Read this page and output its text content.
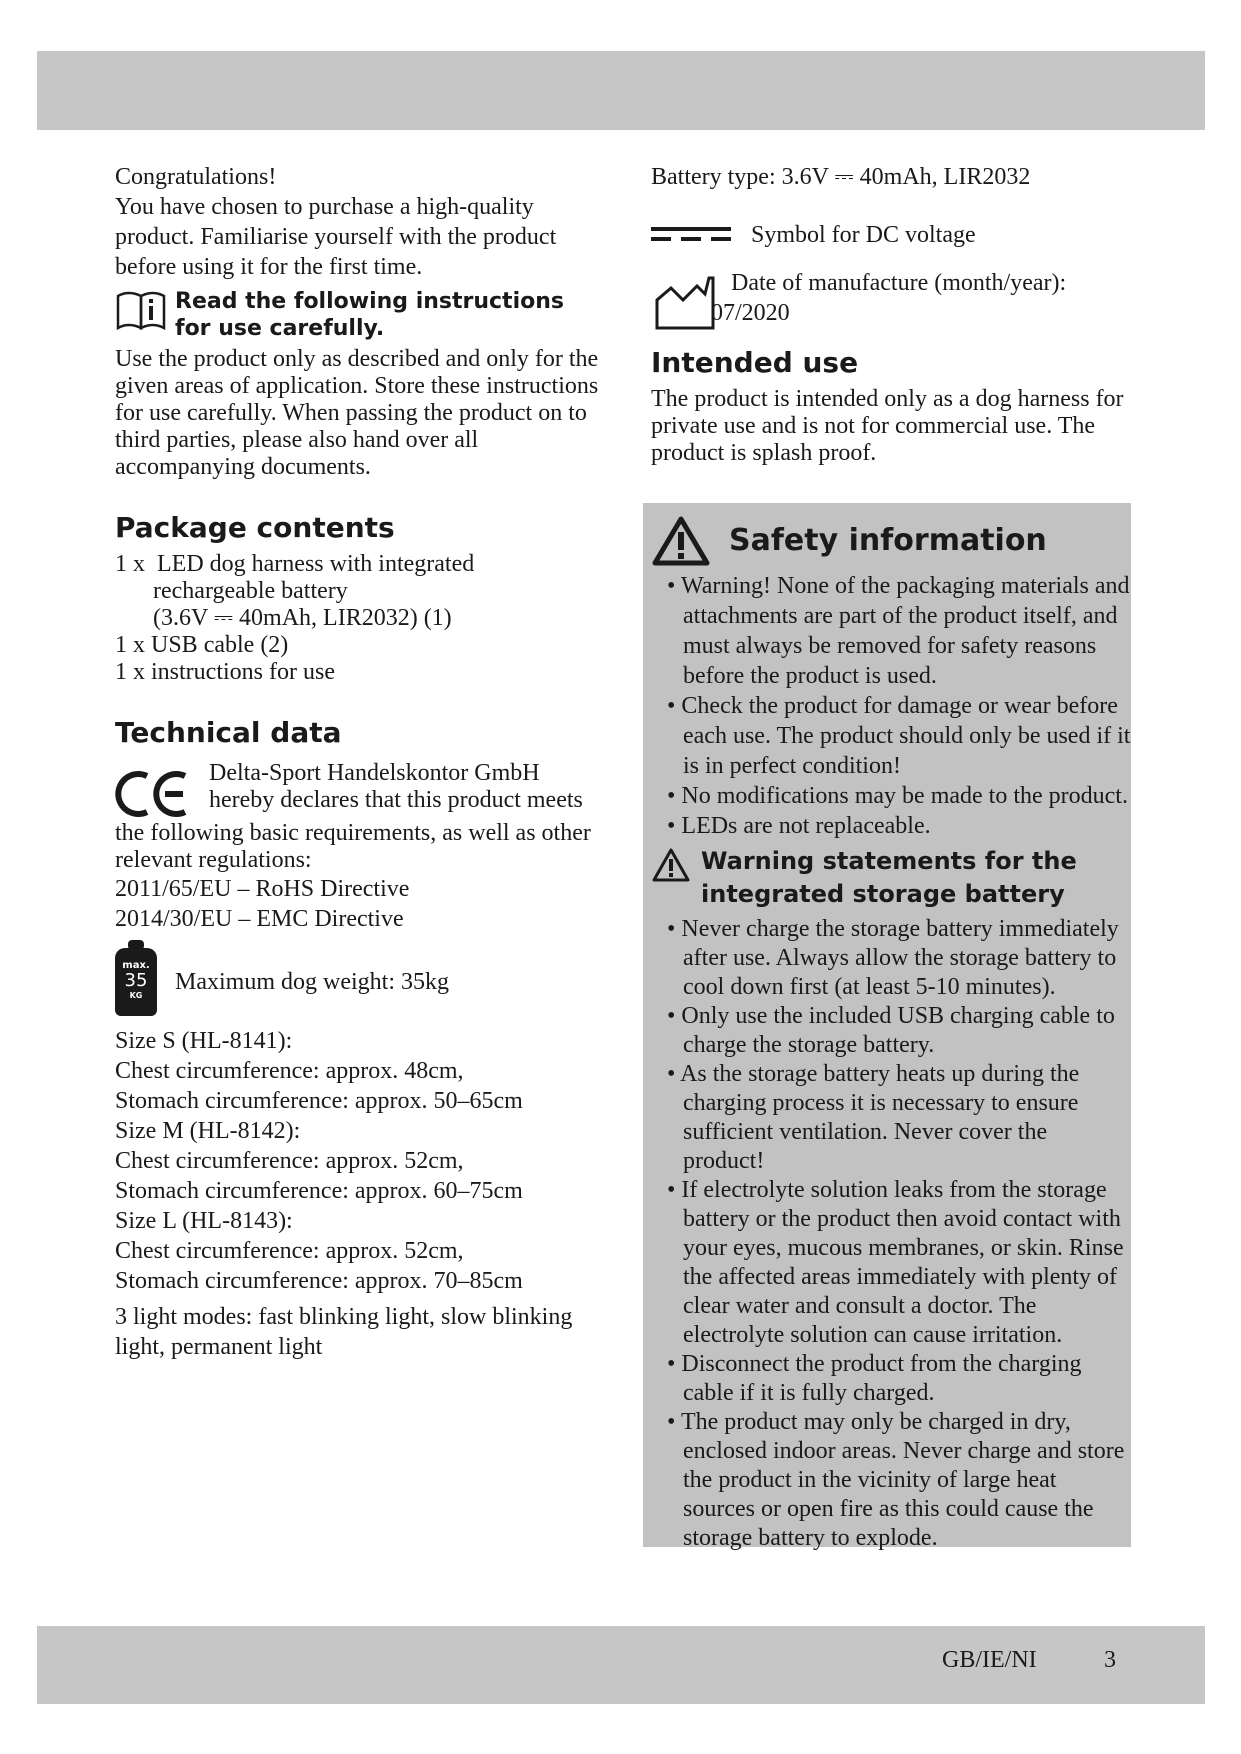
Congratulations!

You have chosen to purchase a high-quality product. Familiarise yourself with the product before using it for the first time.

Read the following instructions for use carefully.

Use the product only as described and only for the given areas of application. Store these instructions for use carefully. When passing the product on to third parties, please also hand over all accompanying documents.

Package contents

1 x LED dog harness with integrated

rechargeable battery

(3.6V ⎓ 40mAh, LIR2032) (1)

1 x USB cable (2)

1 x instructions for use

Technical data

Delta-Sport Handelskontor GmbH hereby declares that this product meets

the following basic requirements, as well as other relevant regulations:

2011/65/EU – RoHS Directive

2014/30/EU – EMC Directive

max.
35
KG

Maximum dog weight: 35kg

Size S (HL-8141):

Chest circumference: approx. 48cm,

Stomach circumference: approx. 50–65cm

Size M (HL-8142):

Chest circumference: approx. 52cm,

Stomach circumference: approx. 60–75cm

Size L (HL-8143):

Chest circumference: approx. 52cm,

Stomach circumference: approx. 70–85cm

3 light modes: fast blinking light, slow blinking light, permanent light

Battery type: 3.6V ⎓ 40mAh, LIR2032

Symbol for DC voltage

Date of manufacture (month/year):

07/2020

Intended use

The product is intended only as a dog harness for private use and is not for commercial use. The product is splash proof.

Safety information

• Warning! None of the packaging materials and attachments are part of the product itself, and must always be removed for safety reasons before the product is used.

• Check the product for damage or wear before each use. The product should only be used if it is in perfect condition!

• No modifications may be made to the product.

• LEDs are not replaceable.

Warning statements for the integrated storage battery

• Never charge the storage battery immediately after use. Always allow the storage battery to cool down first (at least 5-10 minutes).

• Only use the included USB charging cable to charge the storage battery.

• As the storage battery heats up during the charging process it is necessary to ensure sufficient ventilation. Never cover the product!

• If electrolyte solution leaks from the storage battery or the product then avoid contact with your eyes, mucous membranes, or skin. Rinse the affected areas immediately with plenty of clear water and consult a doctor. The electrolyte solution can cause irritation.

• Disconnect the product from the charging cable if it is fully charged.

• The product may only be charged in dry, enclosed indoor areas. Never charge and store the product in the vicinity of large heat sources or open fire as this could cause the storage battery to explode.

GB/IE/NI	3
